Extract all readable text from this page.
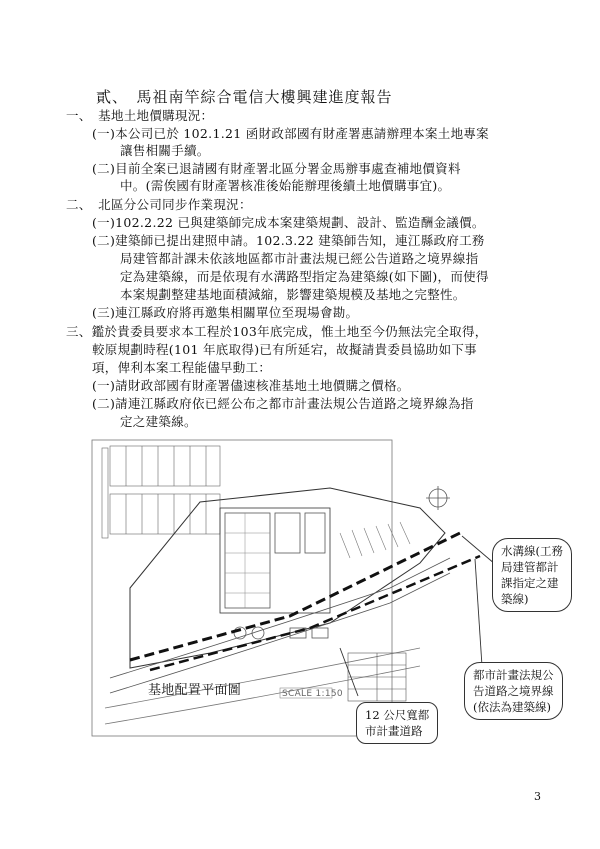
貳、　馬祖南竿綜合電信大樓興建進度報告
一、　基地土地價購現況：
(一)本公司已於 102.1.21 函財政部國有財產署惠請辦理本案土地專案
讓售相關手續。
(二)目前全案已退請國有財產署北區分署金馬辦事處查補地價資料
中。(需俟國有財產署核准後始能辦理後續土地價購事宜)。
二、　北區分公司同步作業現況：
(一)102.2.22 已與建築師完成本案建築規劃、設計、監造酬金議價。
(二)建築師已提出建照申請。102.3.22 建築師告知，連江縣政府工務
局建管都計課未依該地區都市計畫法規已經公告道路之境界線指
定為建築線，而是依現有水溝路型指定為建築線(如下圖)，而使得
本案規劃整建基地面積減縮，影響建築規模及基地之完整性。
(三)連江縣政府將再邀集相關單位至現場會勘。
三、鑑於貴委員要求本工程於103年底完成，惟土地至今仍無法完全取得，
較原規劃時程(101 年底取得)已有所延宕，故擬請貴委員協助如下事
項，俾利本案工程能儘早動工：
(一)請財政部國有財產署儘速核准基地土地價購之價格。
(二)請連江縣政府依已經公布之都市計畫法規公告道路之境界線為指
定之建築線。
基地配置平面圖	SCALE 1:150
水溝線(工務
局建管都計
課指定之建
築線)
都市計畫法規公
告道路之境界線
(依法為建築線)
12 公尺寬都
市計畫道路
3
